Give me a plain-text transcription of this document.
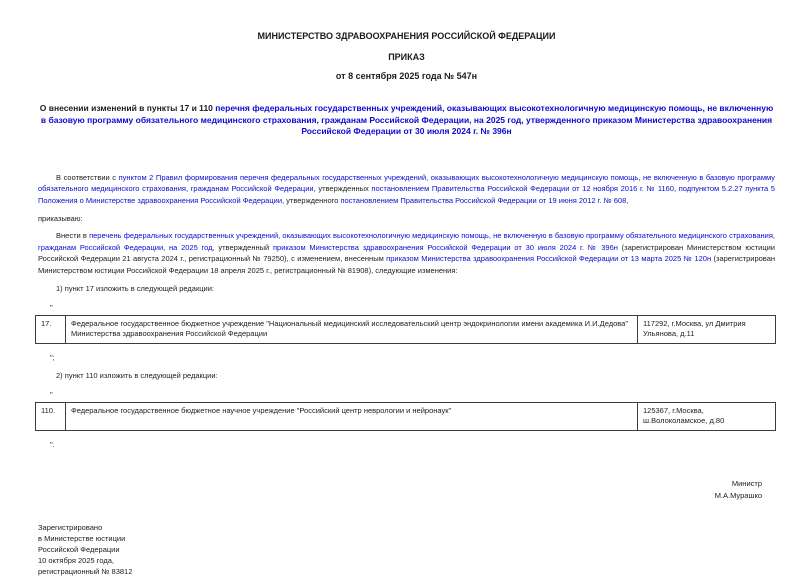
МИНИСТЕРСТВО ЗДРАВООХРАНЕНИЯ РОССИЙСКОЙ ФЕДЕРАЦИИ
ПРИКАЗ
от 8 сентября 2025 года № 547н
О внесении изменений в пункты 17 и 110 перечня федеральных государственных учреждений, оказывающих высокотехнологичную медицинскую помощь, не включенную в базовую программу обязательного медицинского страхования, гражданам Российской Федерации, на 2025 год, утвержденного приказом Министерства здравоохранения Российской Федерации от 30 июля 2024 г. № 396н

В соответствии с пунктом 2 Правил формирования перечня федеральных государственных учреждений, оказывающих высокотехнологичную медицинскую помощь, не включенную в базовую программу обязательного медицинского страхования, гражданам Российской Федерации, утвержденных постановлением Правительства Российской Федерации от 12 ноября 2016 г. № 1160, подпунктом 5.2.27 пункта 5 Положения о Министерстве здравоохранения Российской Федерации, утвержденного постановлением Правительства Российской Федерации от 19 июня 2012 г. № 608,

приказываю:

Внести в перечень федеральных государственных учреждений, оказывающих высокотехнологичную медицинскую помощь, не включенную в базовую программу обязательного медицинского страхования, гражданам Российской Федерации, на 2025 год, утвержденный приказом Министерства здравоохранения Российской Федерации от 30 июля 2024 г. № 396н (зарегистрирован Министерством юстиции Российской Федерации 21 августа 2024 г., регистрационный № 79250), с изменением, внесенным приказом Министерства здравоохранения Российской Федерации от 13 марта 2025 № 120н (зарегистрирован Министерством юстиции Российской Федерации 18 апреля 2025 г., регистрационный № 81908), следующие изменения:

1) пункт 17 изложить в следующей редакции:

"

17.	Федеральное государственное бюджетное учреждение "Национальный медицинский исследовательский центр эндокринологии имени академика И.И.Дедова" Министерства здравоохранения Российской Федерации	117292, г.Москва, ул Дмитрия Ульянова, д.11

";

2) пункт 110 изложить в следующей редакции:

"

110.	Федеральное государственное бюджетное научное учреждение "Российский центр неврологии и нейронаук"	125367, г.Москва, ш.Волоколамское, д.80

".

Министр
М.А.Мурашко
Зарегистрировано
в Министерстве юстиции
Российской Федерации
10 октября 2025 года,
регистрационный № 83812
